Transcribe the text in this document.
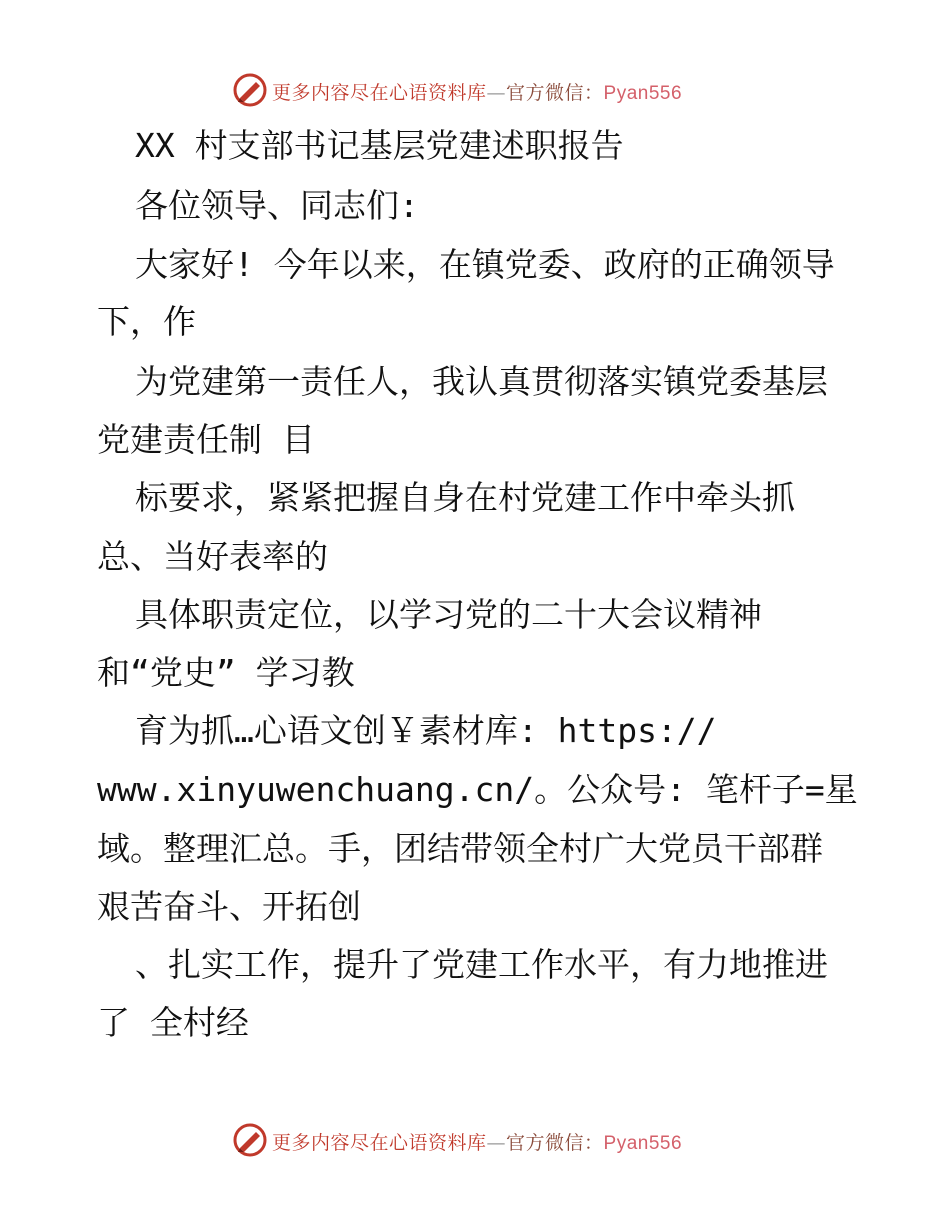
更多内容尽在心语资料库—官方微信：Pyan556
XX 村支部书记基层党建述职报告
各位领导、同志们:
大家好! 今年以来，在镇党委、政府的正确领导
下，作
为党建第一责任人，我认真贯彻落实镇党委基层
党建责任制 目
标要求，紧紧把握自身在村党建工作中牵头抓
总、当好表率的
具体职责定位，以学习党的二十大会议精神
和“党史” 学习教
育为抓…心语文创￥素材库: https://
www.xinyuwenchuang.cn/。公众号: 笔杆子=星
域。整理汇总。手，团结带领全村广大党员干部群
艰苦奋斗、开拓创
、扎实工作，提升了党建工作水平，有力地推进
了 全村经
更多内容尽在心语资料库—官方微信：Pyan556
